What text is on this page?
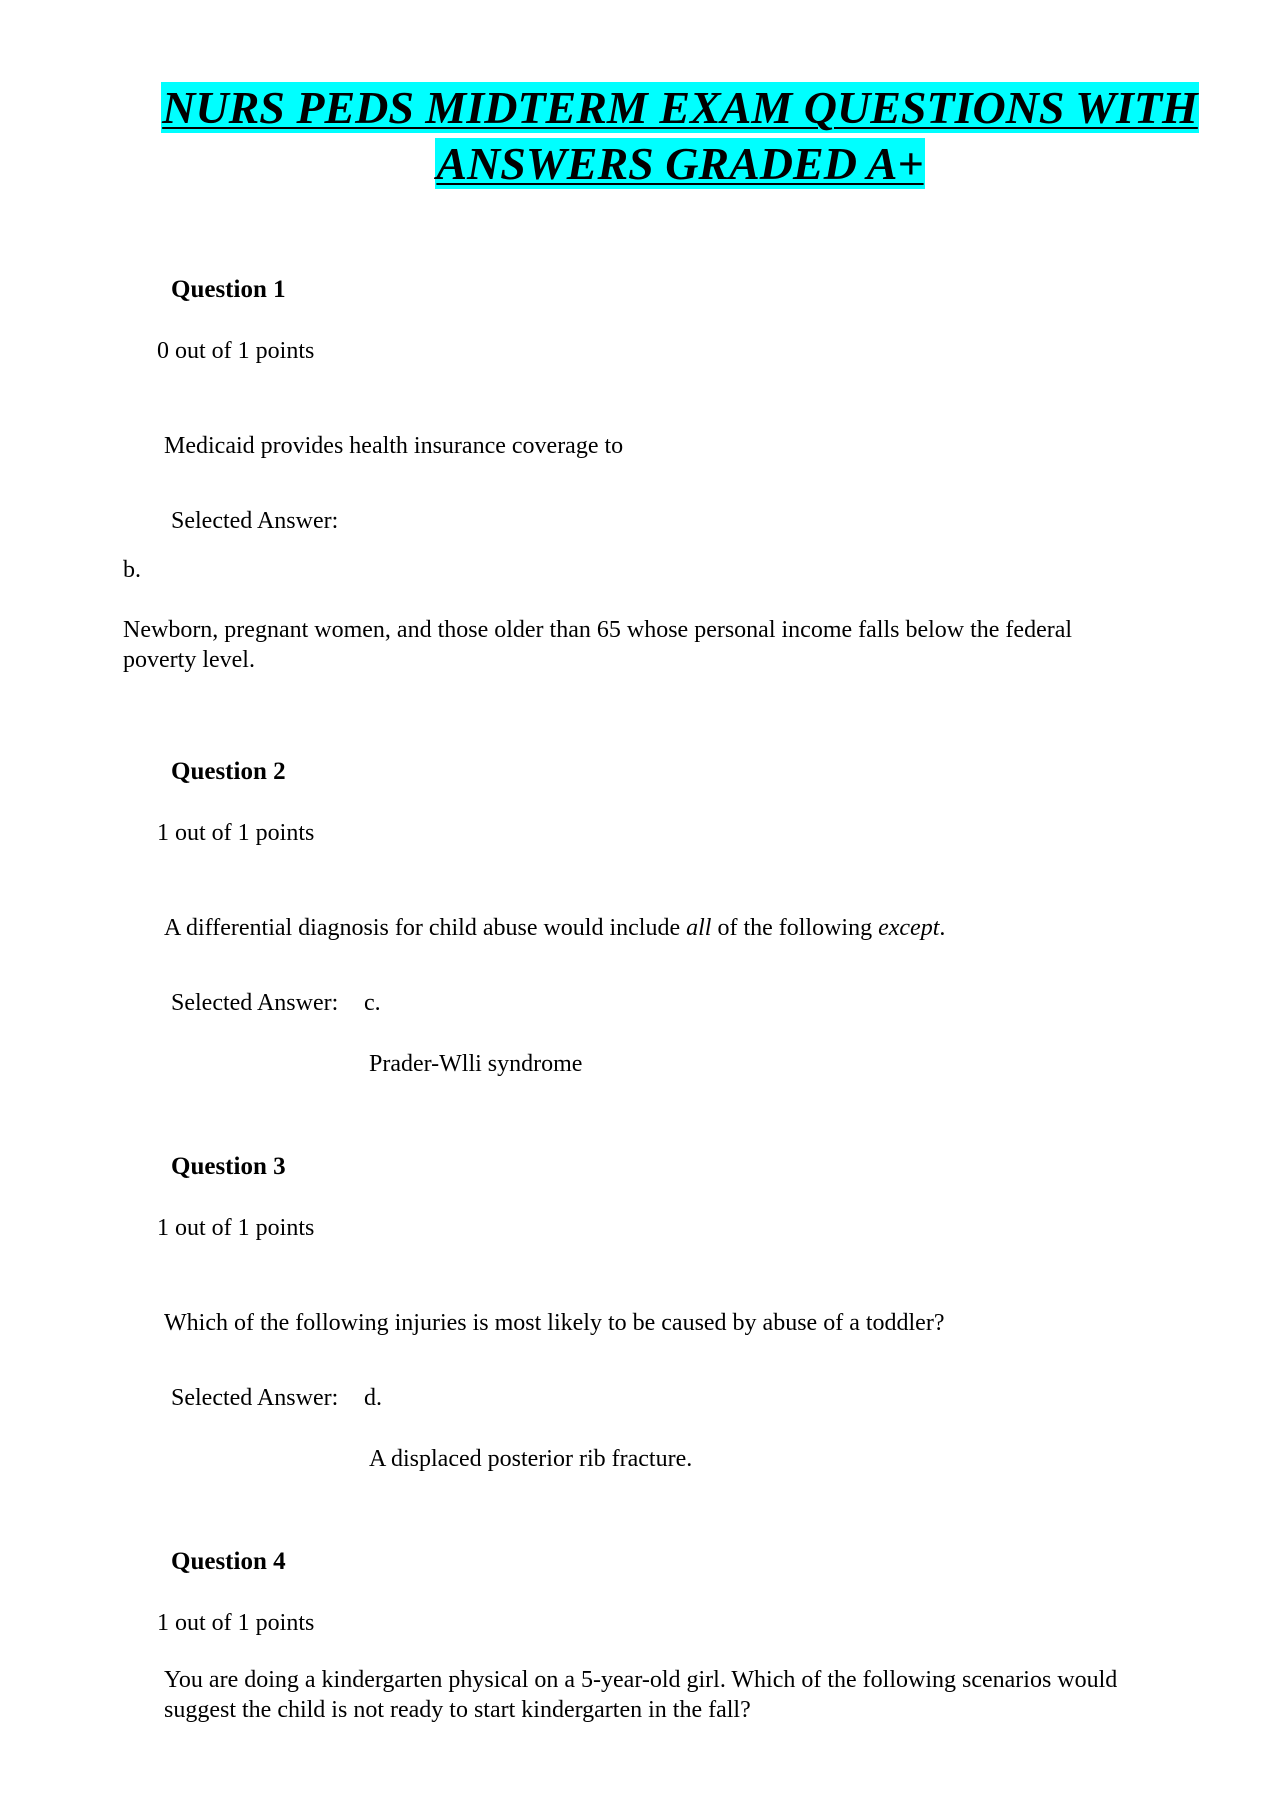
NURS PEDS MIDTERM EXAM QUESTIONS WITH
ANSWERS GRADED A+
Question 1
0 out of 1 points
Medicaid provides health insurance coverage to
Selected Answer:
b.
Newborn, pregnant women, and those older than 65 whose personal income falls below the federal poverty level.
Question 2
1 out of 1 points
A differential diagnosis for child abuse would include all of the following except.
Selected Answer: c.
Prader-Wlli syndrome
Question 3
1 out of 1 points
Which of the following injuries is most likely to be caused by abuse of a toddler?
Selected Answer: d.
A displaced posterior rib fracture.
Question 4
1 out of 1 points
You are doing a kindergarten physical on a 5-year-old girl. Which of the following scenarios would suggest the child is not ready to start kindergarten in the fall?
